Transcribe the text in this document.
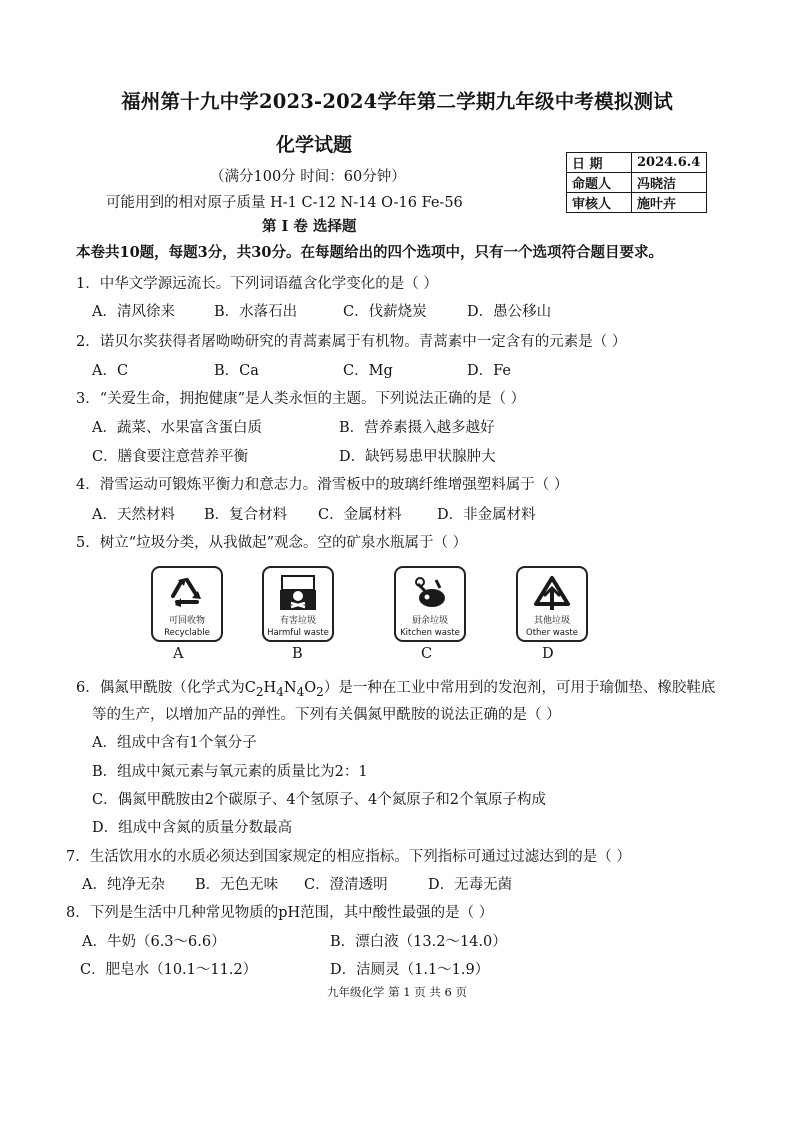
福州第十九中学2023-2024学年第二学期九年级中考模拟测试
化学试题
（满分100分 时间：60分钟）
可能用到的相对原子质量 H-1 C-12 N-14 O-16 Fe-56
第 I 卷 选择题
本卷共10题，每题3分，共30分。在每题给出的四个选项中，只有一个选项符合题目要求。
日 期	2024.6.4
命题人	冯晓洁
审核人	施叶卉
1．中华文学源远流长。下列词语蕴含化学变化的是（ ）
A．清风徐来	B．水落石出	C．伐薪烧炭	D．愚公移山
2．诺贝尔奖获得者屠呦呦研究的青蒿素属于有机物。青蒿素中一定含有的元素是（ ）
A．C	B．Ca	C．Mg	D．Fe
3．“关爱生命，拥抱健康”是人类永恒的主题。下列说法正确的是（ ）
A．蔬菜、水果富含蛋白质	B．营养素摄入越多越好
C．膳食要注意营养平衡	D．缺钙易患甲状腺肿大
4．滑雪运动可锻炼平衡力和意志力。滑雪板中的玻璃纤维增强塑料属于（ ）
A．天然材料 B．复合材料 C．金属材料 D．非金属材料
5．树立“垃圾分类，从我做起”观念。空的矿泉水瓶属于（ ）
可回收物
Recyclable
有害垃圾
Harmful waste
厨余垃圾
Kitchen waste
其他垃圾
Other waste
A	B	C	D
6．偶氮甲酰胺（化学式为$C_2H_4N_4O_2$）是一种在工业中常用到的发泡剂，可用于瑜伽垫、橡胶鞋底
等的生产，以增加产品的弹性。下列有关偶氮甲酰胺的说法正确的是（ ）
A．组成中含有1个氧分子
B．组成中氮元素与氧元素的质量比为2：1
C．偶氮甲酰胺由2个碳原子、4个氢原子、4个氮原子和2个氧原子构成
D．组成中含氮的质量分数最高
7．生活饮用水的水质必须达到国家规定的相应指标。下列指标可通过过滤达到的是（ ）
A．纯净无杂 B．无色无味 C．澄清透明	D．无毒无菌
8．下列是生活中几种常见物质的pH范围，其中酸性最强的是（ ）
A．牛奶（6.3～6.6）	B．漂白液（13.2～14.0）
C．肥皂水（10.1～11.2）	D．洁厕灵（1.1～1.9）
九年级化学 第 1 页 共 6 页
